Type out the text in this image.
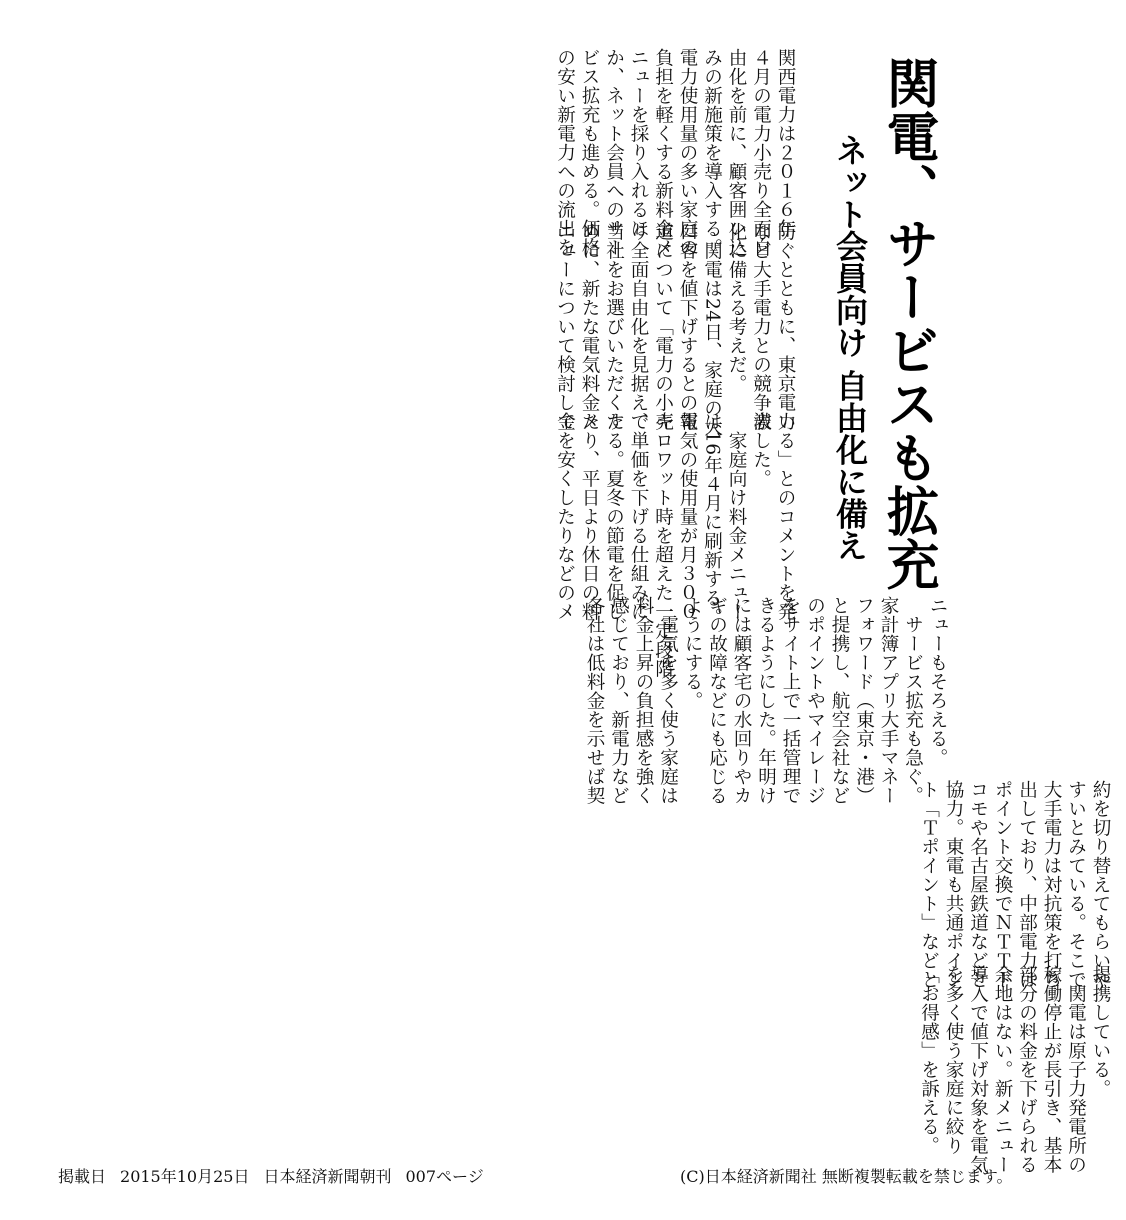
関電、サービスも拡充
ネット会員向け 自由化に備え
関西電力は２０１６年
４月の電力小売り全面自
由化を前に、顧客囲い込
みの新施策を導入する。
電力使用量の多い家庭の
負担を軽くする新料金メ
ニューを採り入れるほ
か、ネット会員へのサー
ビス拡充も進める。価格
の安い新電力への流出を
防ぐとともに、東京電力
など大手電力との競争激
化に備える考えだ。
　関電は24日、家庭の大
口客を値下げするとの報
道について「電力の小売
り全面自由化を見据え、
当社をお選びいただくた
めに、新たな電気料金メ
ニューについて検討して
いる」とのコメントを発
表した。
　家庭向け料金メニュー
は16年４月に刷新する。
電気の使用量が月３００
キロワット時を超えた一定段階
で単価を下げる仕組みに
する。夏冬の節電を促し
たり、平日より休日の料
金を安くしたりなどのメ
ニューもそろえる。
　サービス拡充も急ぐ。
家計簿アプリ大手マネー
フォワード（東京・港）
と提携し、航空会社など
のポイントやマイレージ
をサイト上で一括管理で
きるようにした。年明け
には顧客宅の水回りやカ
ギの故障などにも応じる
ようにする。
　電気を多く使う家庭は
料金上昇の負担感を強く
感じており、新電力など
各社は低料金を示せば契
約を切り替えてもらいや
すいとみている。そこで
大手電力は対抗策を打ち
出しており、中部電力は
ポイント交換でＮＴＴド
コモや名古屋鉄道などと
協力。東電も共通ポイン
ト「Ｔポイント」などと
提携している。
　関電は原子力発電所の
稼働停止が長引き、基本
部分の料金を下げられる
余地はない。新メニュー
導入で値下げ対象を電気
を多く使う家庭に絞り
「お得感」を訴える。
掲載日 2015年10月25日 日本経済新聞朝刊 007ページ	(C)日本経済新聞社 無断複製転載を禁じます。
